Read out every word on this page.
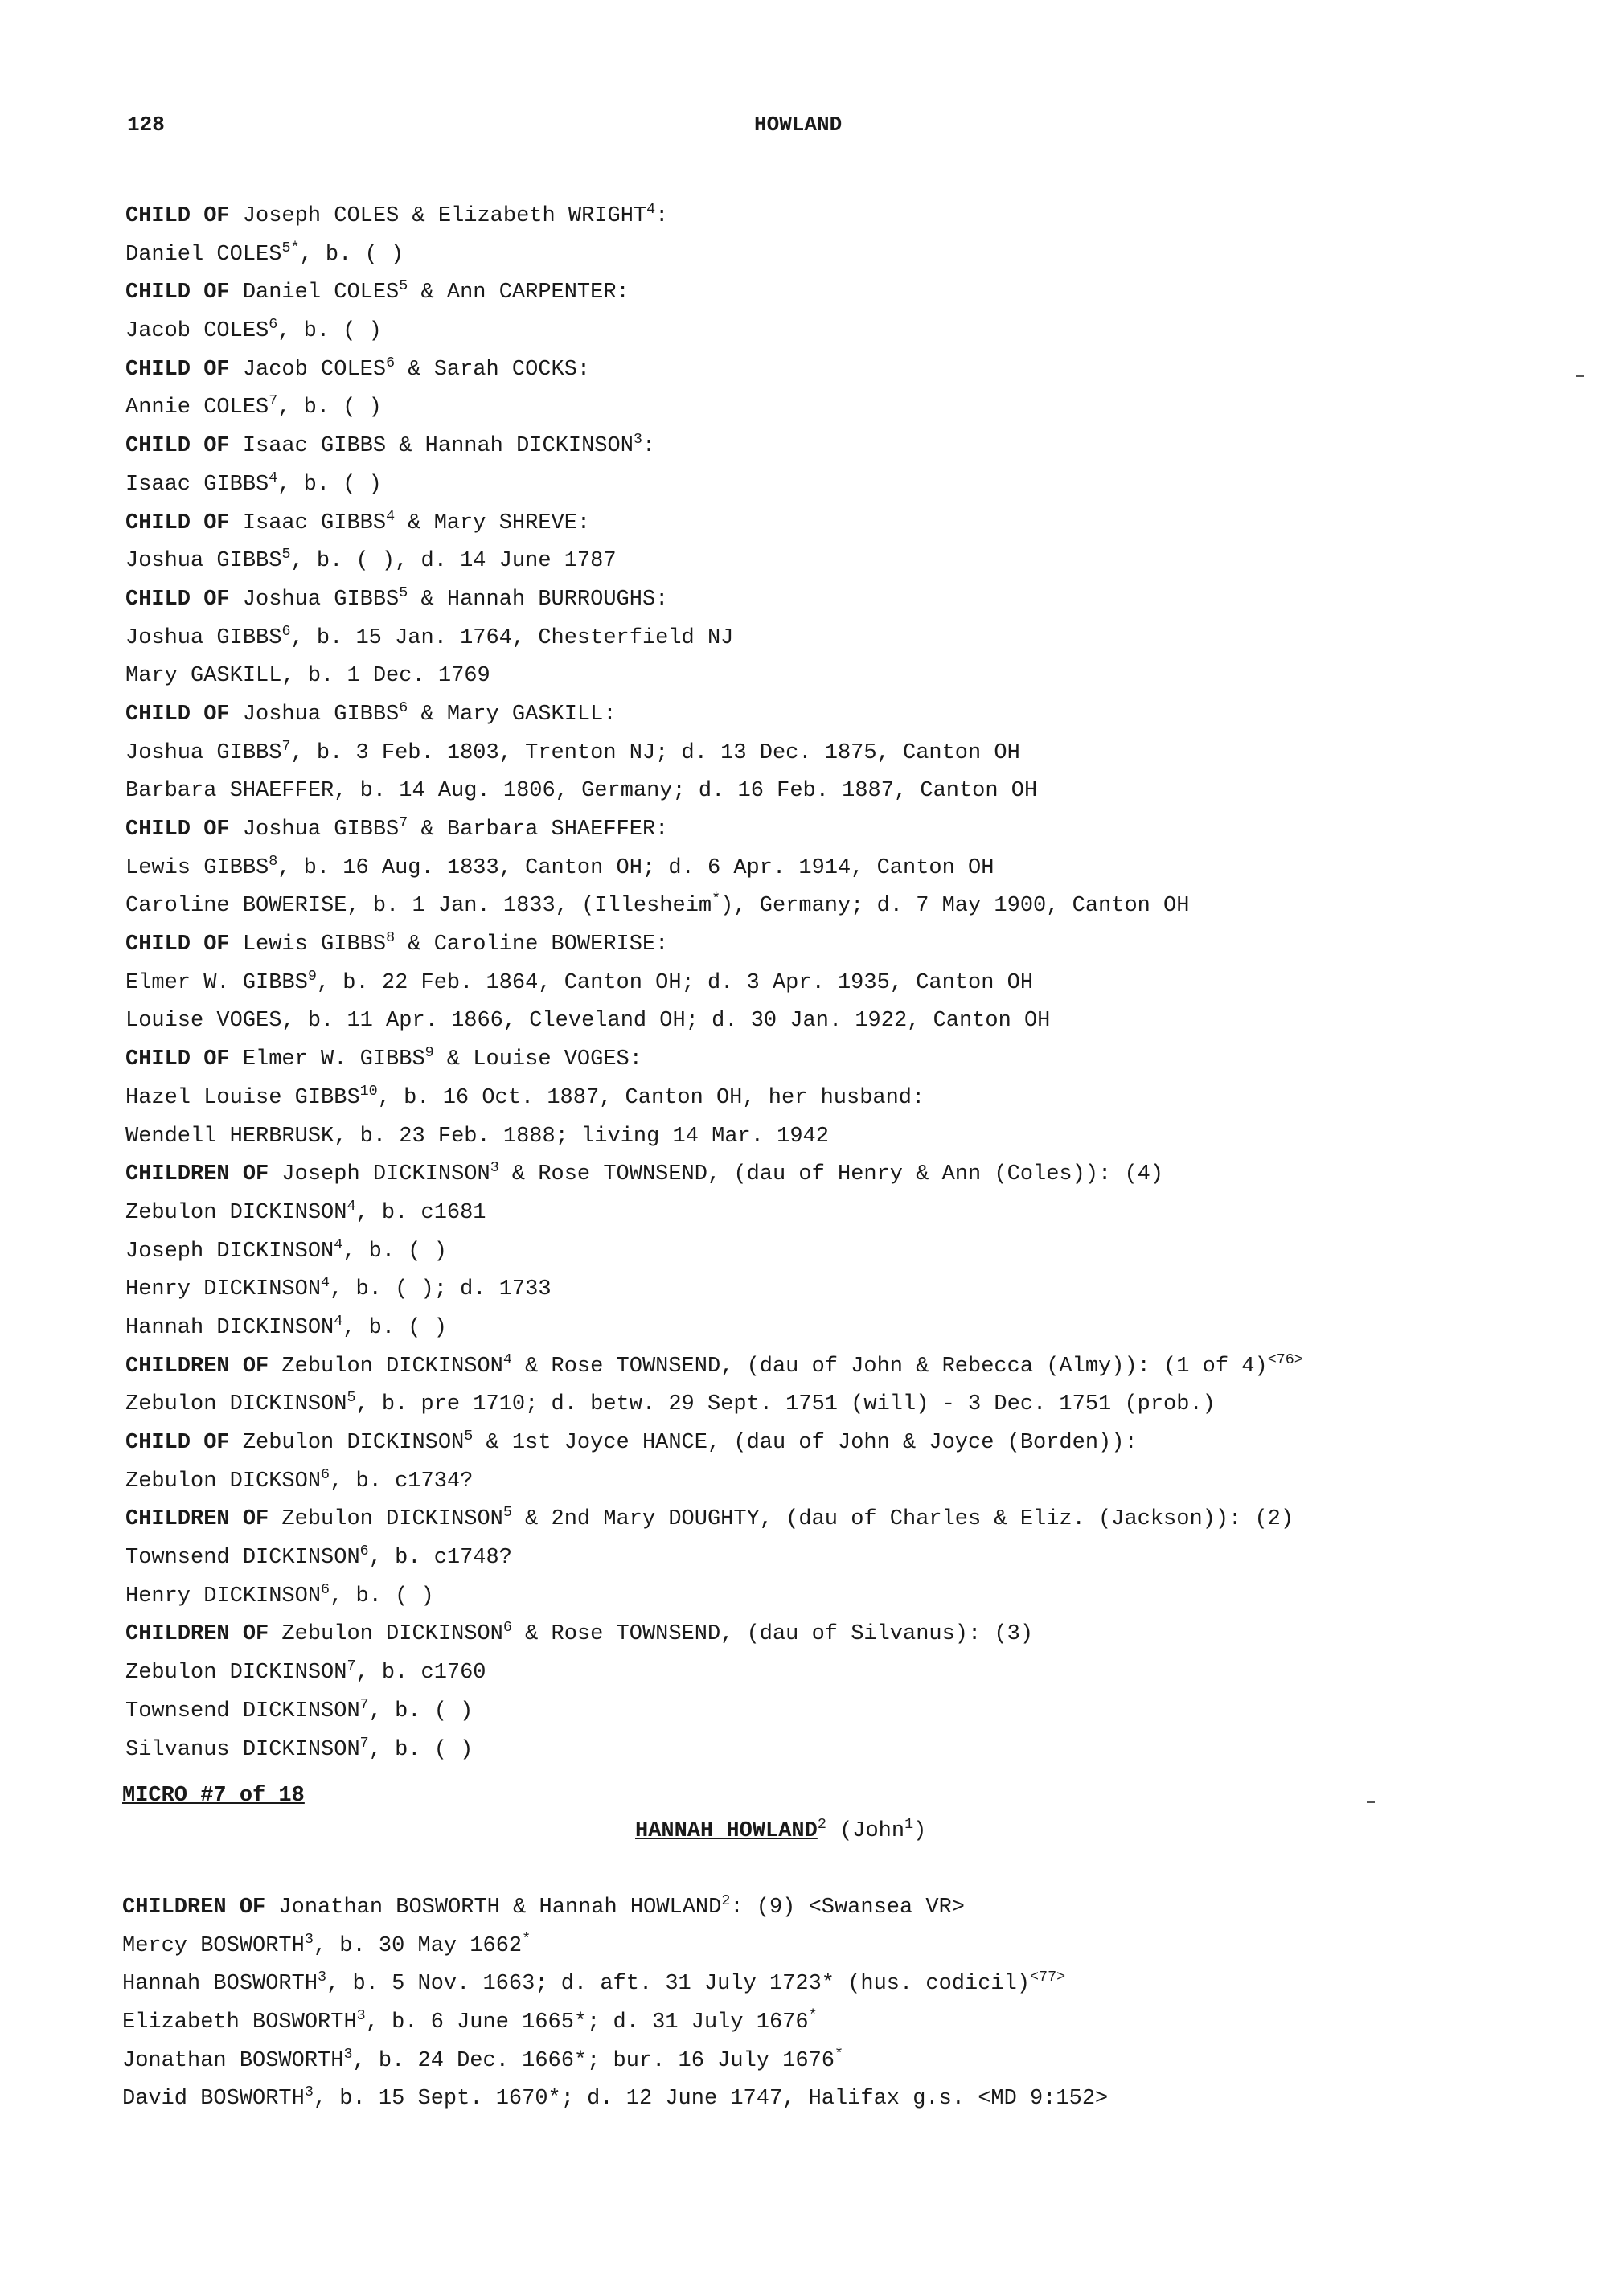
128	HOWLAND
CHILD OF Joseph COLES & Elizabeth WRIGHT$^4$:
Daniel $COLES^{5*}$, b. ( )
CHILD OF Daniel COLES$^5$ & Ann CARPENTER:
Jacob COLES$^6$, b. ( )
CHILD OF Jacob COLES$^6$ & Sarah COCKS:
Annie COLES$^7$, b. ( )
CHILD OF Isaac GIBBS & Hannah DICKINSON$^3$:
Isaac GIBBS$^4$, b. ( )
CHILD OF Isaac GIBBS$^4$ & Mary SHREVE:
Joshua GIBBS$^5$, b. ( ), d. 14 June 1787
CHILD OF Joshua GIBBS$^5$ & Hannah BURROUGHS:
Joshua GIBBS$^6$, b. 15 Jan. 1764, Chesterfield NJ
Mary GASKILL, b. 1 Dec. 1769
CHILD OF Joshua GIBBS$^6$ & Mary GASKILL:
Joshua GIBBS$^7$, b. 3 Feb. 1803, Trenton NJ; d. 13 Dec. 1875, Canton OH
Barbara SHAEFFER, b. 14 Aug. 1806, Germany; d. 16 Feb. 1887, Canton OH
CHILD OF Joshua GIBBS$^7$ & Barbara SHAEFFER:
Lewis GIBBS$^8$, b. 16 Aug. 1833, Canton OH; d. 6 Apr. 1914, Canton OH
Caroline BOWERISE, b. 1 Jan. 1833, (Illesheim*), Germany; d. 7 May 1900, Canton OH
CHILD OF Lewis GIBBS$^8$ & Caroline BOWERISE:
Elmer W. GIBBS$^9$, b. 22 Feb. 1864, Canton OH; d. 3 Apr. 1935, Canton OH
Louise VOGES, b. 11 Apr. 1866, Cleveland OH; d. 30 Jan. 1922, Canton OH
CHILD OF Elmer W. GIBBS$^9$ & Louise VOGES:
Hazel Louise GIBBS$^{10}$, b. 16 Oct. 1887, Canton OH, her husband:
Wendell HERBRUSK, b. 23 Feb. 1888; living 14 Mar. 1942
CHILDREN OF Joseph DICKINSON$^3$ & Rose TOWNSEND, (dau of Henry & Ann (Coles)): (4)
Zebulon DICKINSON$^4$, b. c1681
Joseph DICKINSON$^4$, b. ( )
Henry DICKINSON$^4$, b. ( ); d. 1733
Hannah DICKINSON$^4$, b. ( )
CHILDREN OF Zebulon DICKINSON$^4$ & Rose TOWNSEND, (dau of John & Rebecca (Almy)): (1 of 4)$^{<76>}$
Zebulon DICKINSON$^5$, b. pre 1710; d. betw. 29 Sept. 1751 (will) - 3 Dec. 1751 (prob.)
CHILD OF Zebulon DICKINSON$^5$ & 1st Joyce HANCE, (dau of John & Joyce (Borden)):
Zebulon DICKSON$^6$, b. c1734?
CHILDREN OF Zebulon DICKINSON$^5$ & 2nd Mary DOUGHTY, (dau of Charles & Eliz. (Jackson)): (2)
Townsend DICKINSON$^6$, b. c1748?
Henry DICKINSON$^6$, b. ( )
CHILDREN OF Zebulon DICKINSON$^6$ & Rose TOWNSEND, (dau of Silvanus): (3)
Zebulon DICKINSON$^7$, b. c1760
Townsend DICKINSON$^7$, b. ( )
Silvanus DICKINSON$^7$, b. ( )
MICRO #7 of 18
HANNAH HOWLAND$^2$ (John$^1$)
CHILDREN OF Jonathan BOSWORTH & Hannah HOWLAND$^2$: (9) <Swansea VR>
Mercy BOSWORTH$^3$, b. 30 May 1662*
Hannah BOSWORTH$^3$, b. 5 Nov. 1663; d. aft. 31 July 1723* (hus. codicil)$^{<77>}$
Elizabeth BOSWORTH$^3$, b. 6 June 1665*; d. 31 July 1676*
Jonathan BOSWORTH$^3$, b. 24 Dec. 1666*; bur. 16 July 1676*
David BOSWORTH$^3$, b. 15 Sept. 1670*; d. 12 June 1747, Halifax g.s. <MD 9:152>
